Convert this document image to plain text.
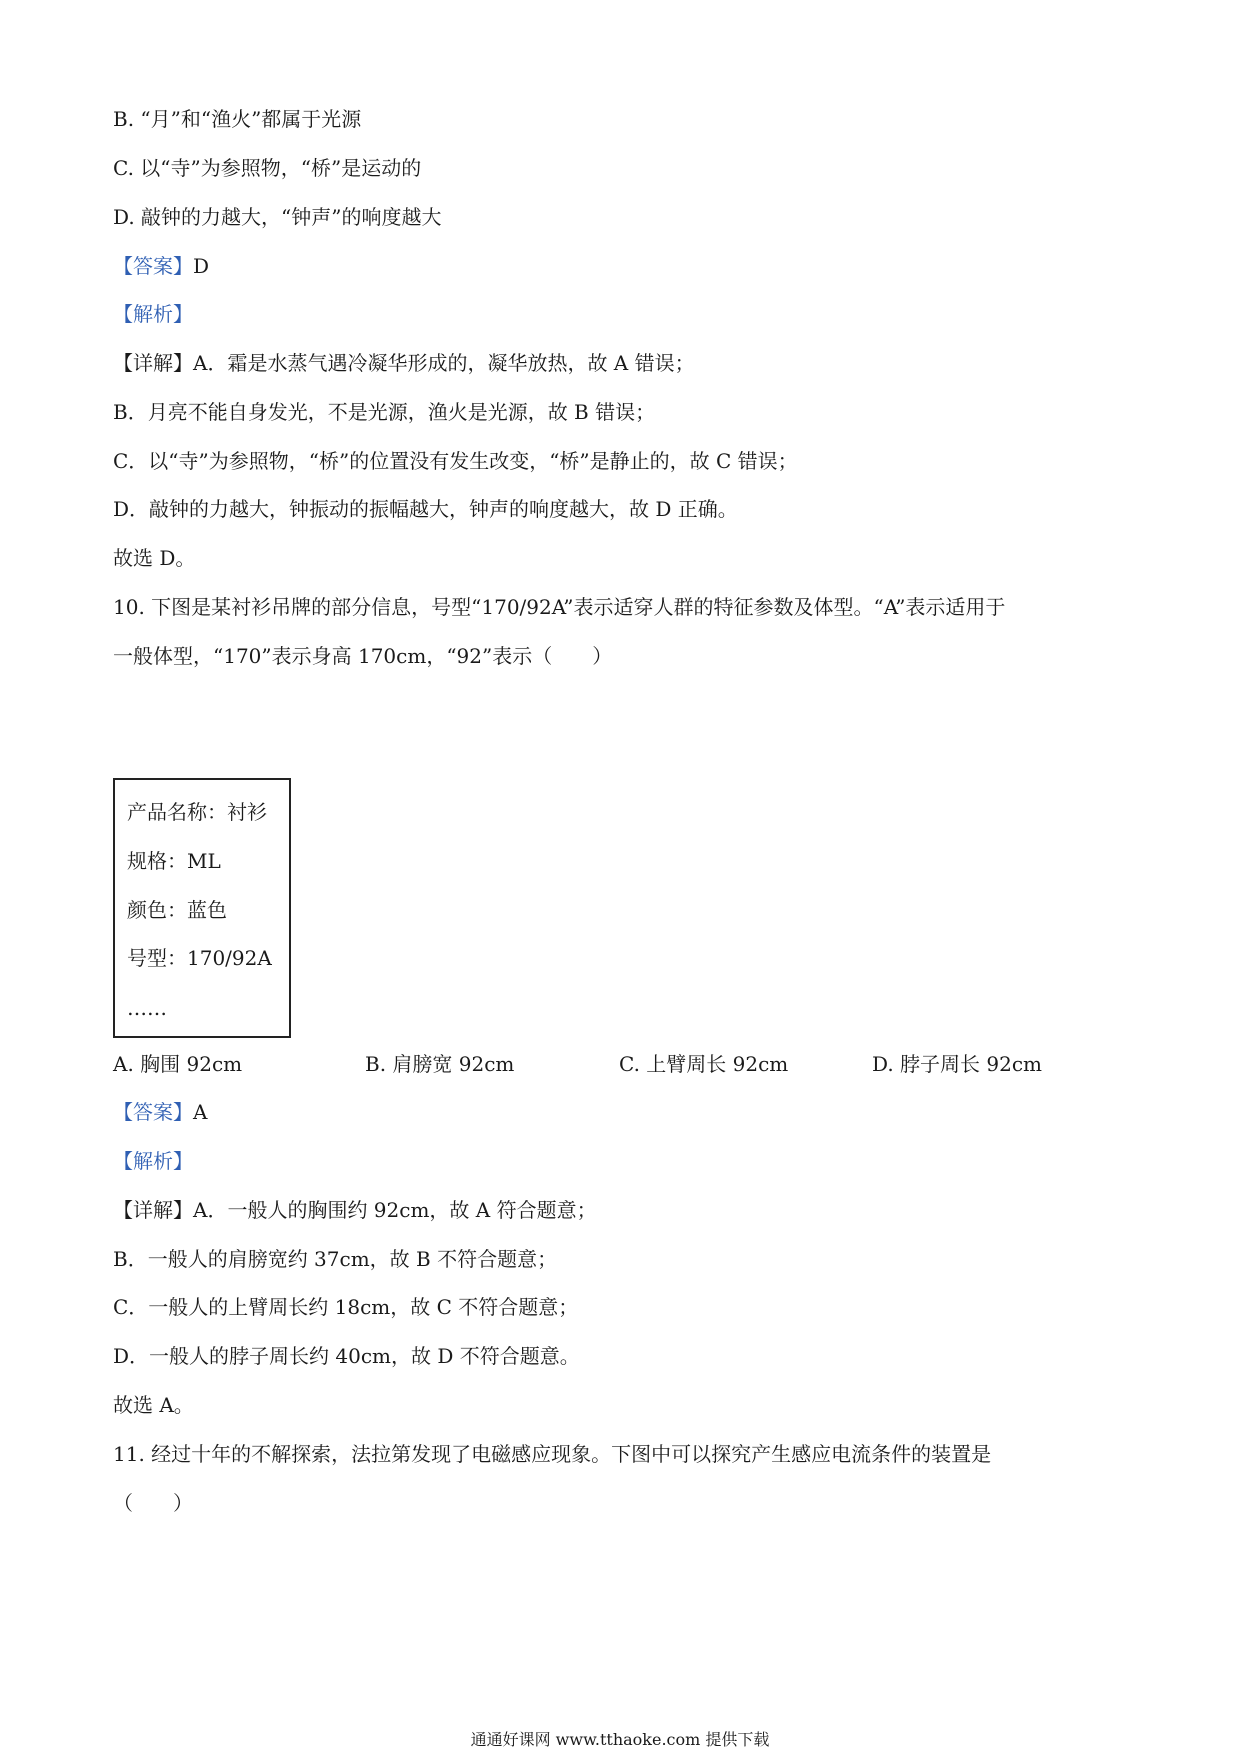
B. “月”和“渔火”都属于光源
C. 以“寺”为参照物，“桥”是运动的
D. 敲钟的力越大，“钟声”的响度越大
【答案】D
【解析】
【详解】A．霜是水蒸气遇冷凝华形成的，凝华放热，故 A 错误；
B．月亮不能自身发光，不是光源，渔火是光源，故 B 错误；
C．以“寺”为参照物，“桥”的位置没有发生改变，“桥”是静止的，故 C 错误；
D．敲钟的力越大，钟振动的振幅越大，钟声的响度越大，故 D 正确。
故选 D。
10. 下图是某衬衫吊牌的部分信息，号型“170/92A”表示适穿人群的特征参数及体型。“A”表示适用于
一般体型，“170”表示身高 170cm，“92”表示（　　）
产品名称：衬衫
规格：ML
颜色：蓝色
号型：170/92A
……
A. 胸围 92cm	B. 肩膀宽 92cm	C. 上臂周长 92cm	D. 脖子周长 92cm
【答案】A
【解析】
【详解】A．一般人的胸围约 92cm，故 A 符合题意；
B．一般人的肩膀宽约 37cm，故 B 不符合题意；
C．一般人的上臂周长约 18cm，故 C 不符合题意；
D．一般人的脖子周长约 40cm，故 D 不符合题意。
故选 A。
11. 经过十年的不解探索，法拉第发现了电磁感应现象。下图中可以探究产生感应电流条件的装置是
（　　）
通通好课网 www.tthaoke.com 提供下载
